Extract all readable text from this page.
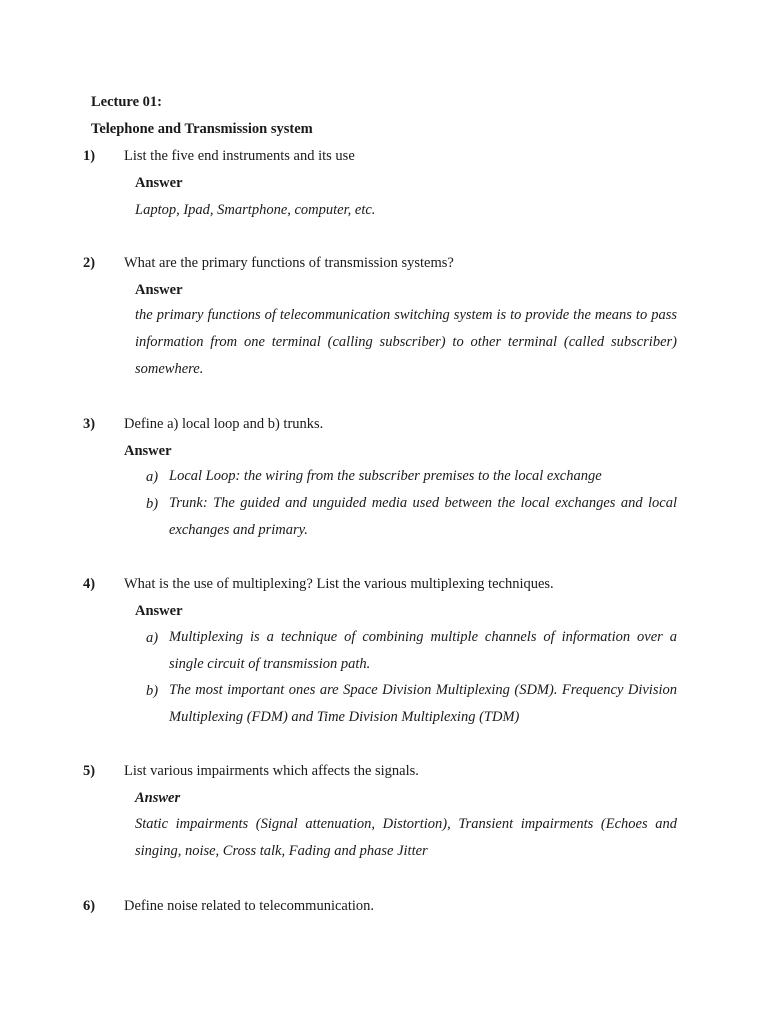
Lecture 01:
Telephone and Transmission system
1) List the five end instruments and its use
Answer
Laptop, Ipad, Smartphone, computer, etc.
2) What are the primary functions of transmission systems?
Answer
the primary functions of telecommunication switching system is to provide the means to pass information from one terminal (calling subscriber) to other terminal (called subscriber) somewhere.
3) Define a) local loop and b) trunks.
Answer
a) Local Loop: the wiring from the subscriber premises to the local exchange
b) Trunk: The guided and unguided media used between the local exchanges and local exchanges and primary.
4) What is the use of multiplexing? List the various multiplexing techniques.
Answer
a) Multiplexing is a technique of combining multiple channels of information over a single circuit of transmission path.
b) The most important ones are Space Division Multiplexing (SDM). Frequency Division Multiplexing (FDM) and Time Division Multiplexing (TDM)
5) List various impairments which affects the signals.
Answer
Static impairments (Signal attenuation, Distortion), Transient impairments (Echoes and singing, noise, Cross talk, Fading and phase Jitter
6) Define noise related to telecommunication.
